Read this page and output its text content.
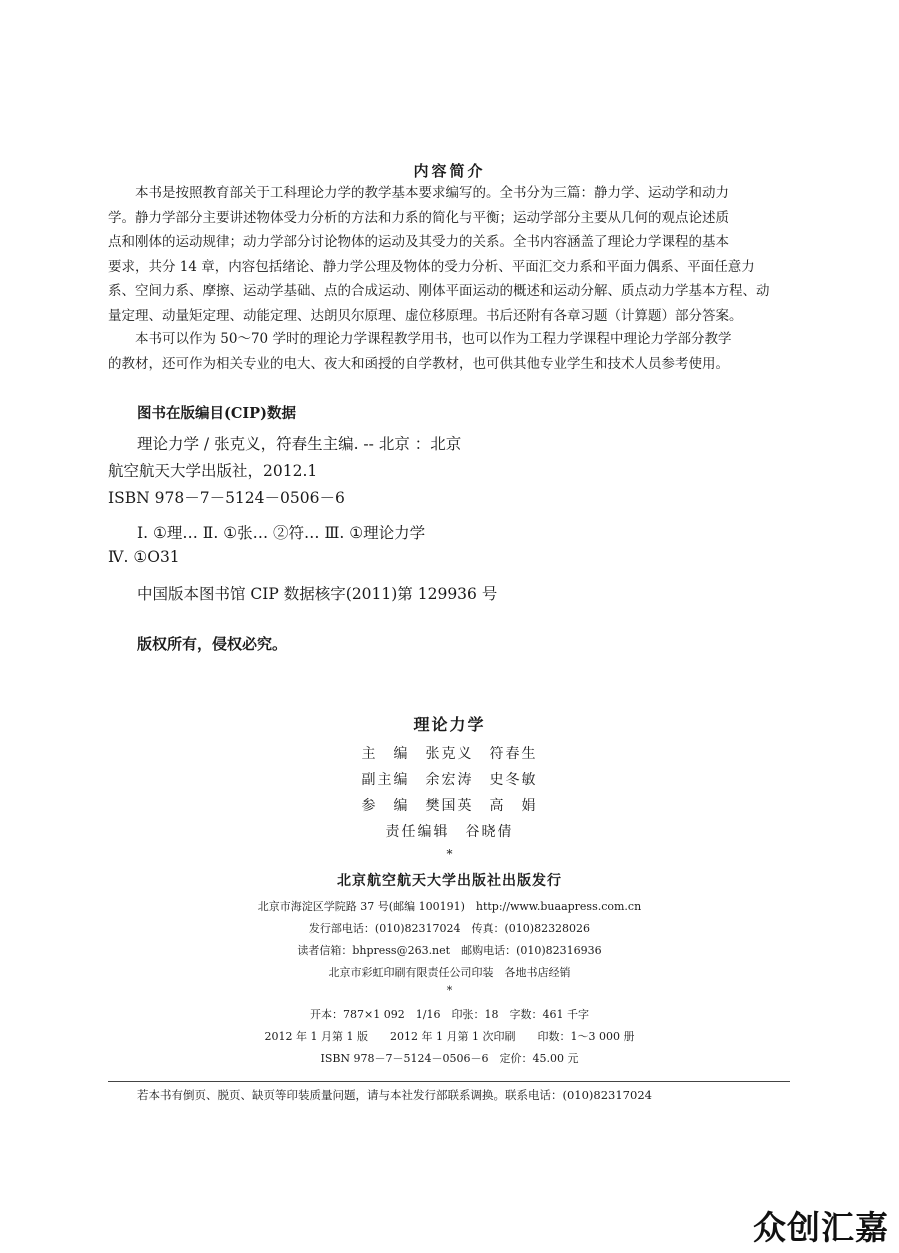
内容简介
本书是按照教育部关于工科理论力学的教学基本要求编写的。全书分为三篇：静力学、运动学和动力
学。静力学部分主要讲述物体受力分析的方法和力系的简化与平衡；运动学部分主要从几何的观点论述质
点和刚体的运动规律；动力学部分讨论物体的运动及其受力的关系。全书内容涵盖了理论力学课程的基本
要求，共分 14 章，内容包括绪论、静力学公理及物体的受力分析、平面汇交力系和平面力偶系、平面任意力
系、空间力系、摩擦、运动学基础、点的合成运动、刚体平面运动的概述和运动分解、质点动力学基本方程、动
量定理、动量矩定理、动能定理、达朗贝尔原理、虚位移原理。书后还附有各章习题（计算题）部分答案。
本书可以作为 50～70 学时的理论力学课程教学用书，也可以作为工程力学课程中理论力学部分教学
的教材，还可作为相关专业的电大、夜大和函授的自学教材，也可供其他专业学生和技术人员参考使用。
图书在版编目(CIP)数据
理论力学 / 张克义，符春生主编. -- 北京 ：北京
航空航天大学出版社，2012.1
ISBN 978－7－5124－0506－6
Ⅰ. ①理… Ⅱ. ①张… ②符… Ⅲ. ①理论力学
Ⅳ. ①O31
中国版本图书馆 CIP 数据核字(2011)第 129936 号
版权所有，侵权必究。
理论力学
主　编　张克义　符春生
副主编　余宏涛　史冬敏
参　编　樊国英　高　娟
责任编辑　谷晓倩
*
北京航空航天大学出版社出版发行
北京市海淀区学院路 37 号(邮编 100191)　http://www.buaapress.com.cn
发行部电话：(010)82317024　传真：(010)82328026
读者信箱：bhpress@263.net　邮购电话：(010)82316936
北京市彩虹印刷有限责任公司印装　各地书店经销
*
开本：787×1 092　1/16　印张：18　字数：461 千字
2012 年 1 月第 1 版　　2012 年 1 月第 1 次印刷　　印数：1～3 000 册
ISBN 978－7－5124－0506－6　定价：45.00 元
若本书有倒页、脱页、缺页等印装质量问题，请与本社发行部联系调换。联系电话：(010)82317024
众创汇嘉
